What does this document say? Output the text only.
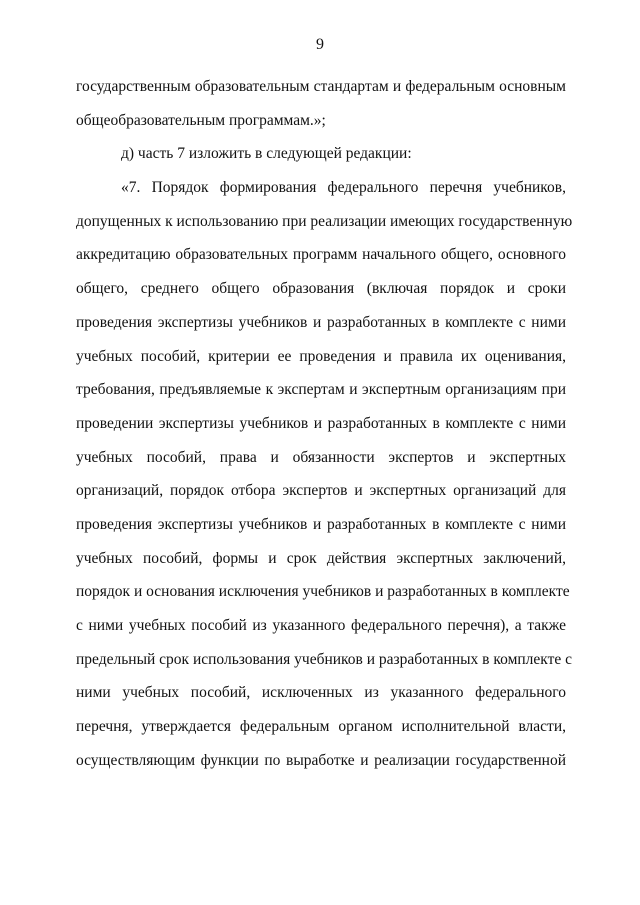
9
государственным образовательным стандартам и федеральным основным
общеобразовательным программам.»;
д) часть 7 изложить в следующей редакции:
«7. Порядок формирования федерального перечня учебников,
допущенных к использованию при реализации имеющих государственную
аккредитацию образовательных программ начального общего, основного
общего, среднего общего образования (включая порядок и сроки
проведения экспертизы учебников и разработанных в комплекте с ними
учебных пособий, критерии ее проведения и правила их оценивания,
требования, предъявляемые к экспертам и экспертным организациям при
проведении экспертизы учебников и разработанных в комплекте с ними
учебных пособий, права и обязанности экспертов и экспертных
организаций, порядок отбора экспертов и экспертных организаций для
проведения экспертизы учебников и разработанных в комплекте с ними
учебных пособий, формы и срок действия экспертных заключений,
порядок и основания исключения учебников и разработанных в комплекте
с ними учебных пособий из указанного федерального перечня), а также
предельный срок использования учебников и разработанных в комплекте с
ними учебных пособий, исключенных из указанного федерального
перечня, утверждается федеральным органом исполнительной власти,
осуществляющим функции по выработке и реализации государственной
